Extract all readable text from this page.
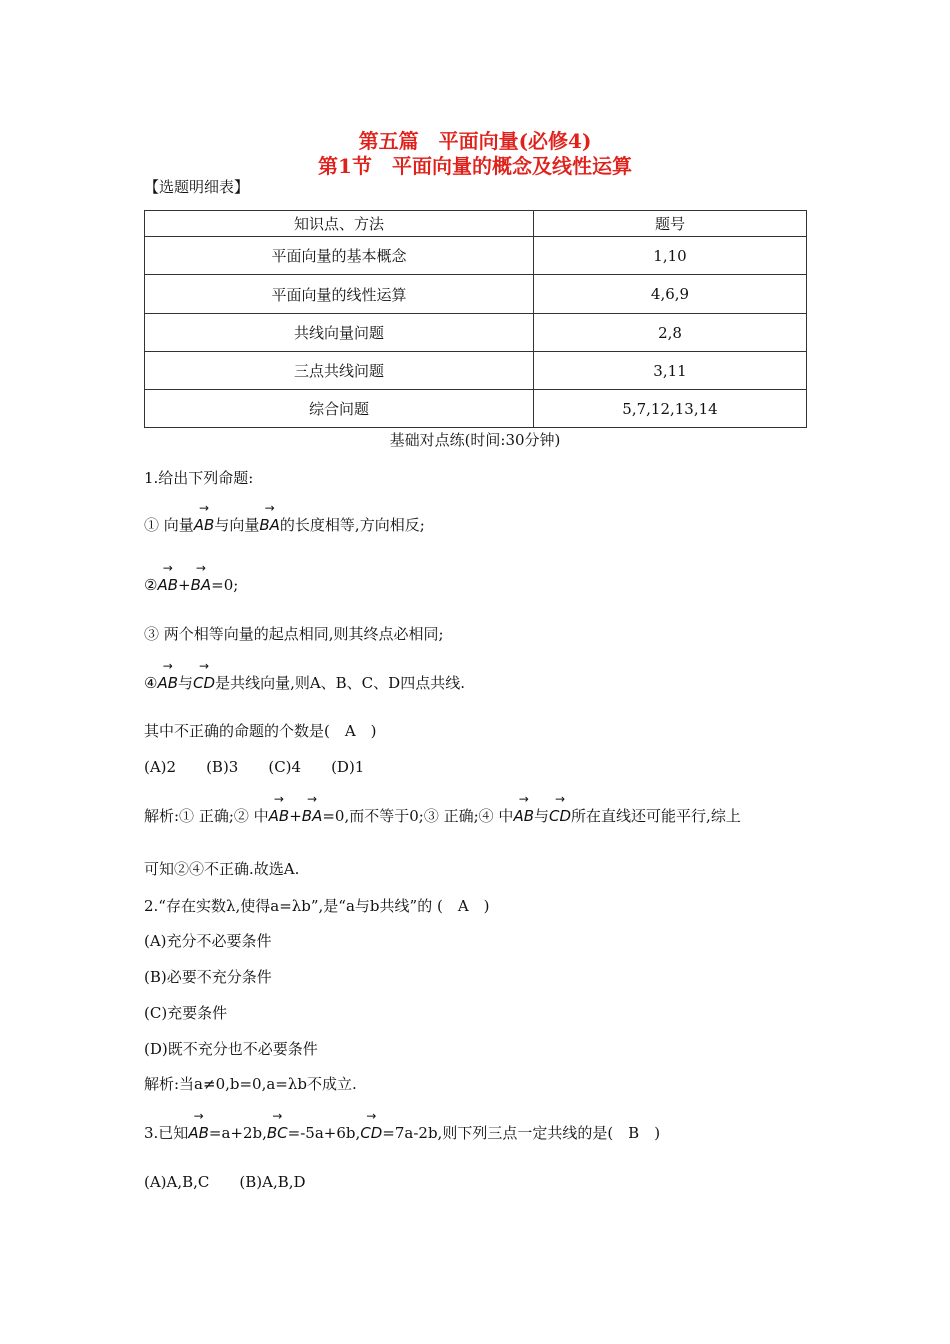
第五篇　平面向量(必修4)
第1节　平面向量的概念及线性运算
【选题明细表】
知识点、方法	题号
平面向量的基本概念	1,10
平面向量的线性运算	4,6,9
共线向量问题	2,8
三点共线问题	3,11
综合问题	5,7,12,13,14
基础对点练(时间:30分钟)
1.给出下列命题:
① 向量
→
AB与向量
→
BA的长度相等,方向相反;
②
→
AB+
→
BA=0;
③ 两个相等向量的起点相同,则其终点必相同;
④
→
AB与
→
CD是共线向量,则A、B、C、D四点共线.
其中不正确的命题的个数是(　A　)
(A)2　　(B)3　　(C)4　　(D)1
解析:① 正确;② 中
→
AB+
→
BA=0,而不等于0;③ 正确;④ 中
→
AB与
→
CD所在直线还可能平行,综上
可知②④不正确.故选A.
2.“存在实数λ,使得a=λb”,是“a与b共线”的 (　A　)
(A)充分不必要条件
(B)必要不充分条件
(C)充要条件
(D)既不充分也不必要条件
解析:当a≠0,b=0,a=λb不成立.
3.已知
→
AB=a+2b,
→
BC=-5a+6b,
→
CD=7a-2b,则下列三点一定共线的是(　B　)
(A)A,B,C　　(B)A,B,D
